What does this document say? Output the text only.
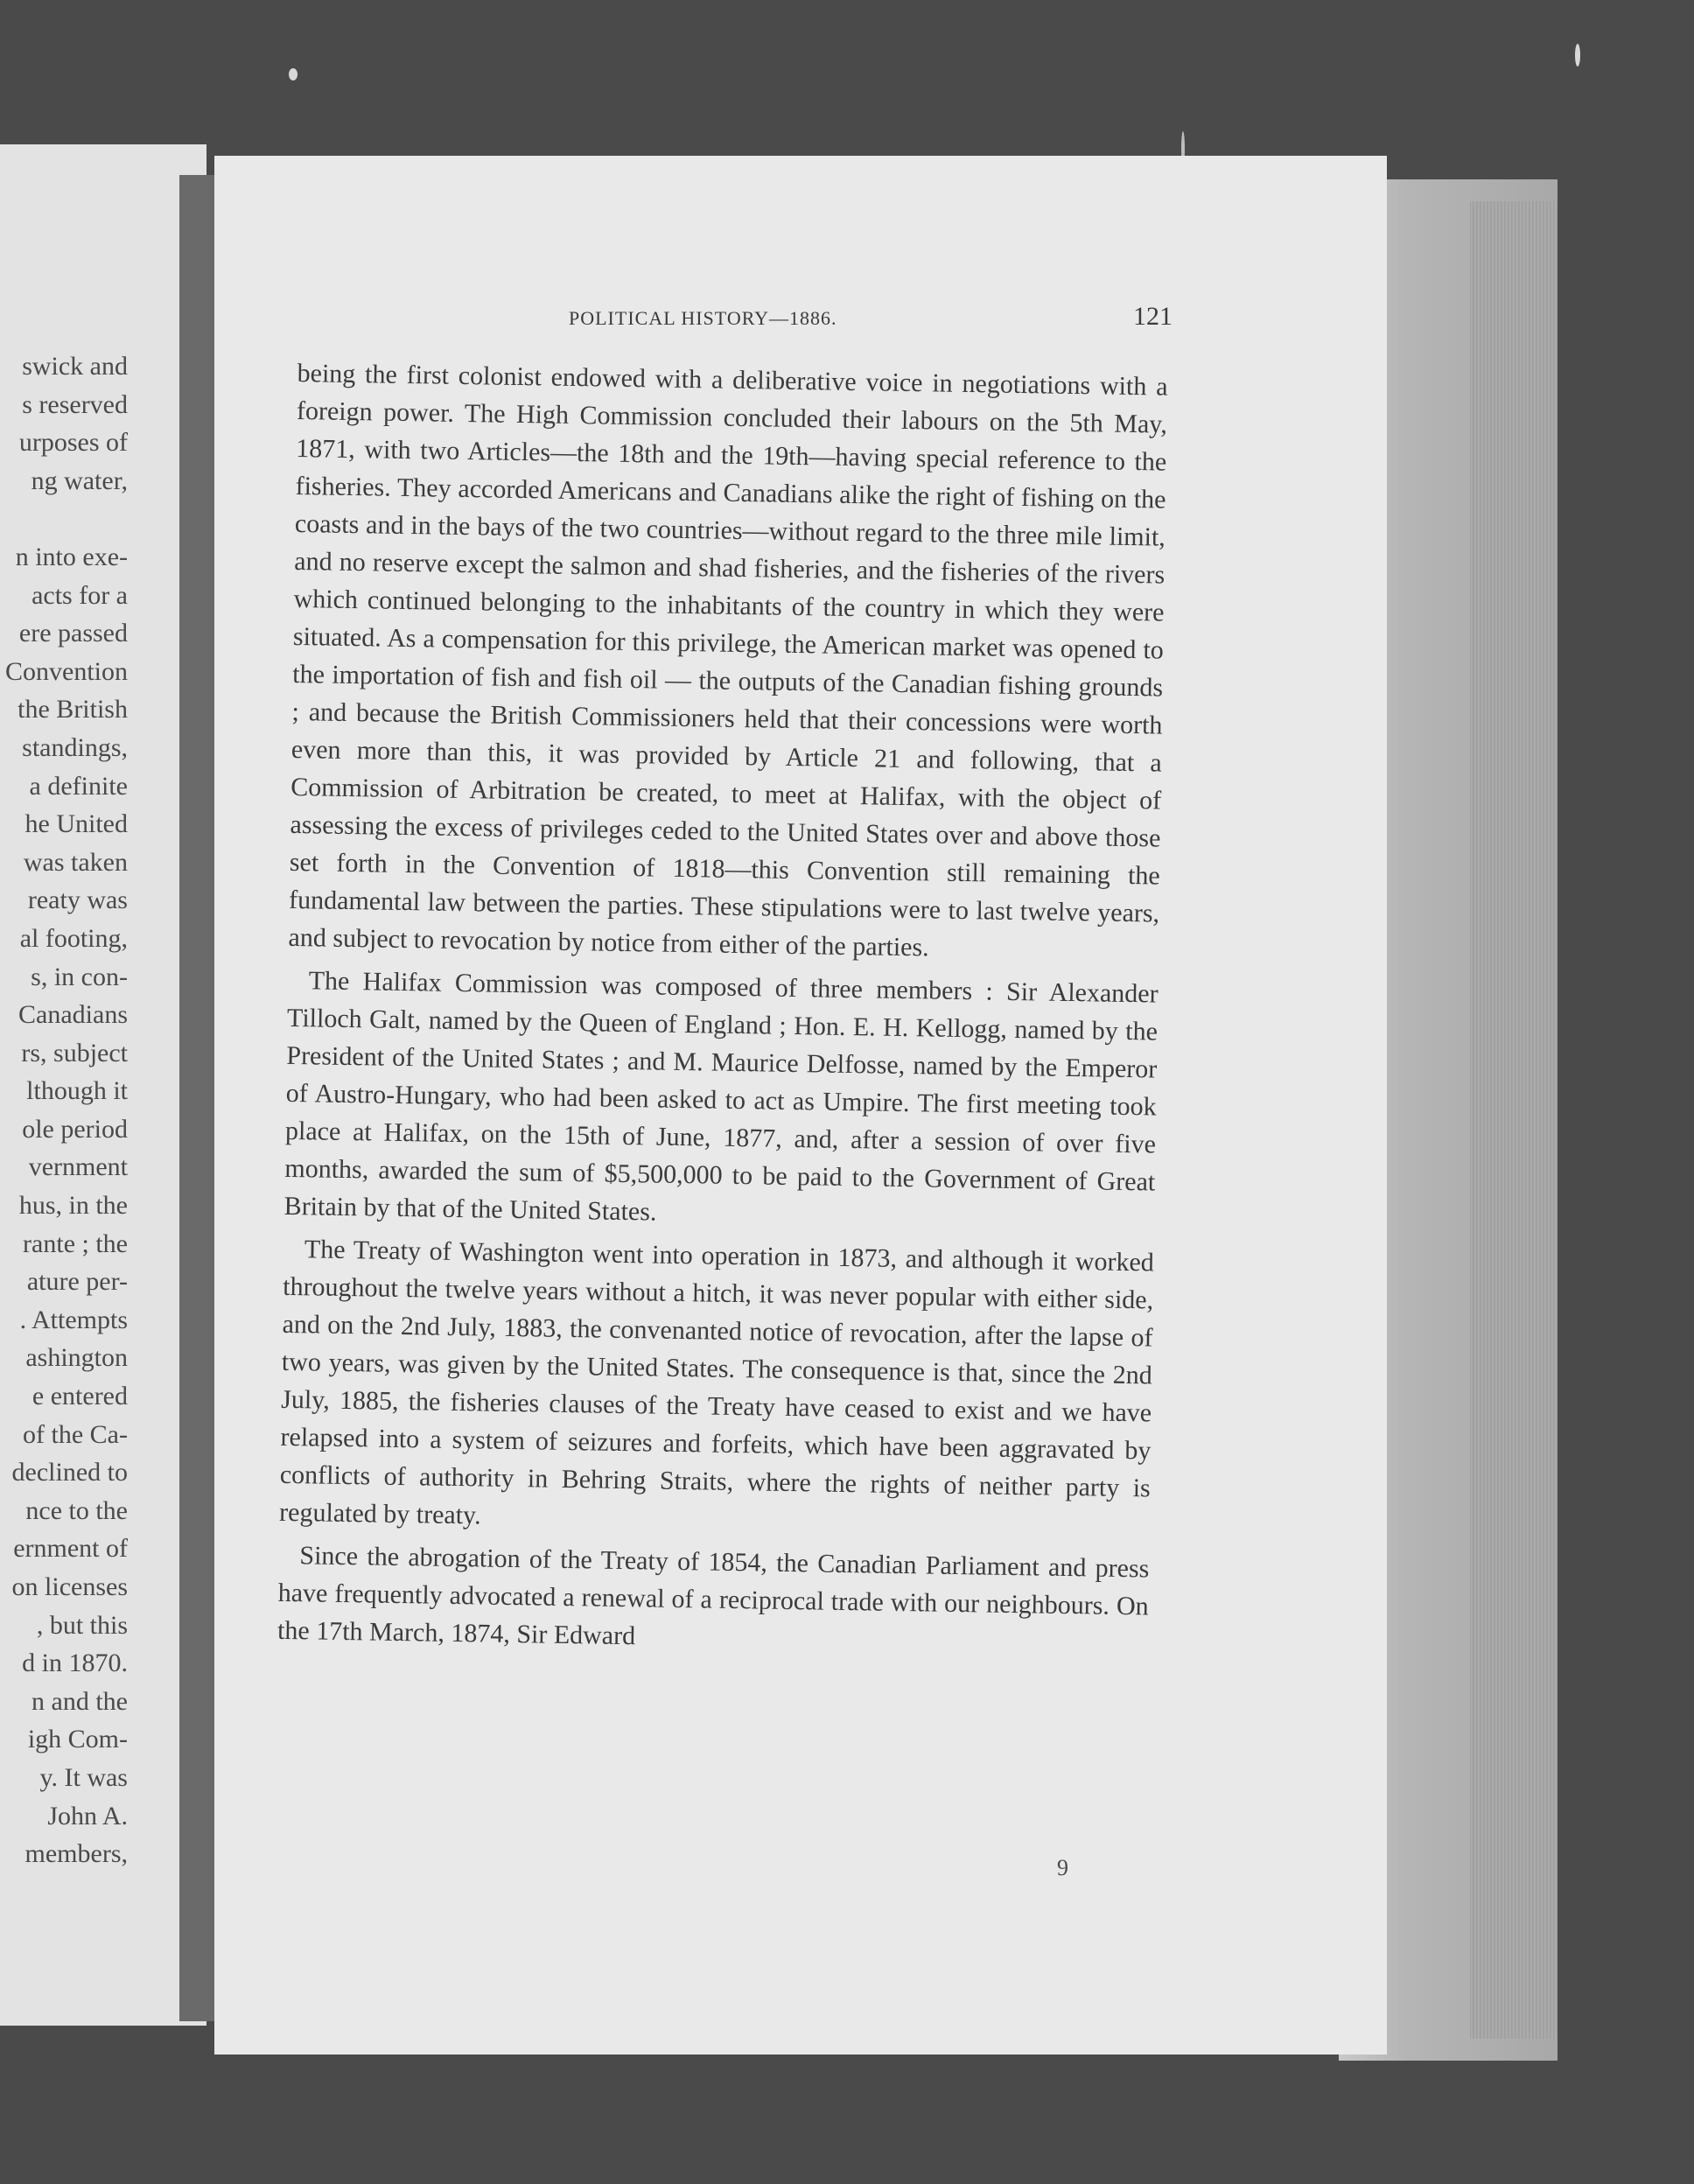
swick and
s reserved
urposes of
ng water,
n into exe-
acts for a
ere passed
Convention
the British
standings,
a definite
he United
was taken
reaty was
al footing,
s, in con-
Canadians
rs, subject
lthough it
ole period
vernment
hus, in the
rante ; the
ature per-
. Attempts
ashington
e entered
of the Ca-
declined to
nce to the
ernment of
on licenses
, but this
d in 1870.
n and the
igh Com-
y. It was
John A.
members,
POLITICAL HISTORY—1886.	121

being the first colonist endowed with a deliberative voice in negotiations with a foreign power. The High Commission concluded their labours on the 5th May, 1871, with two Articles—the 18th and the 19th—having special reference to the fisheries. They accorded Americans and Canadians alike the right of fishing on the coasts and in the bays of the two countries—without regard to the three mile limit, and no reserve except the salmon and shad fisheries, and the fisheries of the rivers which continued belonging to the inhabitants of the country in which they were situated. As a compensation for this privilege, the American market was opened to the importation of fish and fish oil — the outputs of the Canadian fishing grounds ; and because the British Commissioners held that their concessions were worth even more than this, it was provided by Article 21 and following, that a Commission of Arbitration be created, to meet at Halifax, with the object of assessing the excess of privileges ceded to the United States over and above those set forth in the Convention of 1818—this Convention still remaining the fundamental law between the parties. These stipulations were to last twelve years, and subject to revocation by notice from either of the parties.

The Halifax Commission was composed of three members : Sir Alexander Tilloch Galt, named by the Queen of England ; Hon. E. H. Kellogg, named by the President of the United States ; and M. Maurice Delfosse, named by the Emperor of Austro-Hungary, who had been asked to act as Umpire. The first meeting took place at Halifax, on the 15th of June, 1877, and, after a session of over five months, awarded the sum of $5,500,000 to be paid to the Government of Great Britain by that of the United States.

The Treaty of Washington went into operation in 1873, and although it worked throughout the twelve years without a hitch, it was never popular with either side, and on the 2nd July, 1883, the convenanted notice of revocation, after the lapse of two years, was given by the United States. The consequence is that, since the 2nd July, 1885, the fisheries clauses of the Treaty have ceased to exist and we have relapsed into a system of seizures and forfeits, which have been aggravated by conflicts of authority in Behring Straits, where the rights of neither party is regulated by treaty.

Since the abrogation of the Treaty of 1854, the Canadian Parliament and press have frequently advocated a renewal of a reciprocal trade with our neighbours. On the 17th March, 1874, Sir Edward

9
